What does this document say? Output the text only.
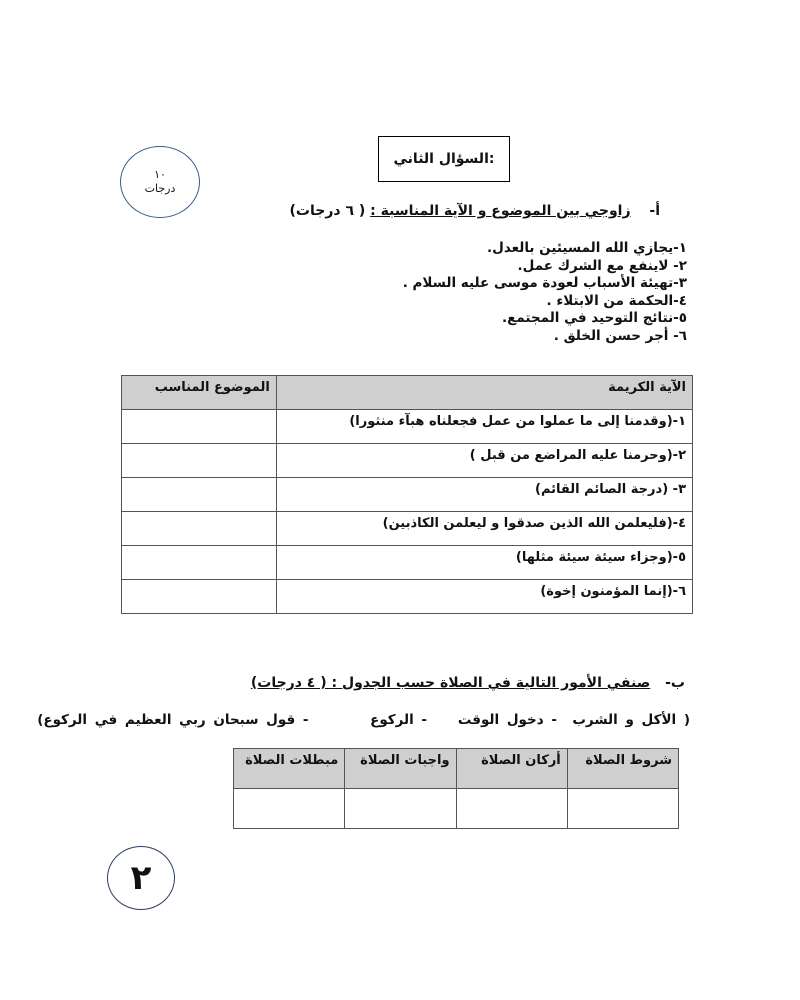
السؤال الثاني:
١٠
درجات
أ- زاوجي بين الموضوع و الآية المناسبة : ( ٦ درجات)
١-يجازي الله المسيئين بالعدل.
٢- لاينفع مع الشرك عمل.
٣-تهيئة الأسباب لعودة موسى عليه السلام .
٤-الحكمة من الابتلاء .
٥-نتائج التوحيد في المجتمع.
٦- أجر حسن الخلق .
الآية الكريمة	الموضوع المناسب
١-(وقدمنا إلى ما عملوا من عمل فجعلناه هبآء منثورا)	
٢-(وحرمنا عليه المراضع من قبل )	
٣- (درجة الصائم القائم)	
٤-(فليعلمن الله الذين صدقوا و ليعلمن الكاذبين)	
٥-(وجزاء سيئة سيئة مثلها)	
٦-(إنما المؤمنون إخوة)	
ب- صنفي الأمور التالية في الصلاة حسب الجدول : ( ٤ درجات)
( الأكل و الشرب  - دخول الوقت    - الركوع        - قول سبحان ربي العظيم في الركوع)
شروط الصلاة	أركان الصلاة	واجبات الصلاة	مبطلات الصلاة

٢
